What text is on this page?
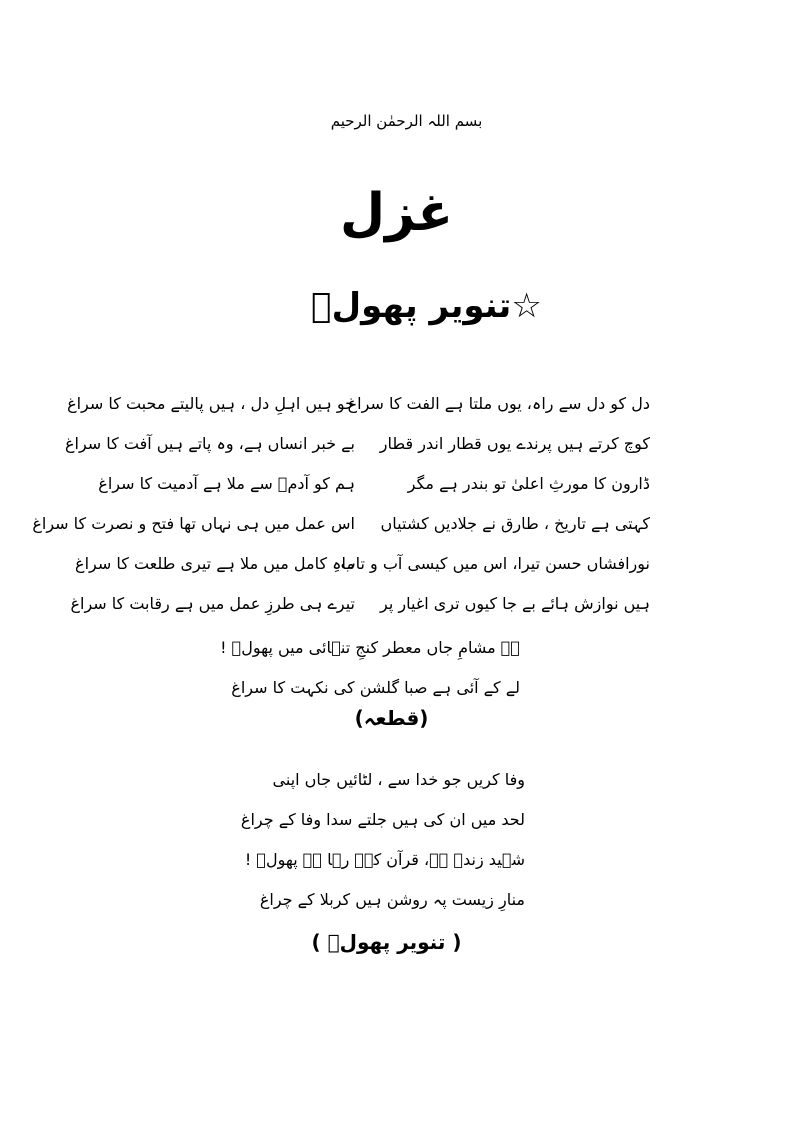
بسم اللہ الرحمٰن الرحیم
غزل
☆تنویر پھولؔ
دل کو دل سے راہ، یوں ملتا ہے الفت کا سراغ
جو ہیں اہلِ دل ، ہیں پالیتے محبت کا سراغ
کوچ کرتے ہیں پرندے یوں قطار اندر قطار
بے خبر انساں ہے، وہ پاتے ہیں آفت کا سراغ
ڈارون کا مورثِ اعلیٰ تو بندر ہے مگر
ہم کو آدمؑ سے ملا ہے آدمیت کا سراغ
کہتی ہے تاریخ ، طارق نے جلادیں کشتیاں
اس عمل میں ہی نہاں تھا فتح و نصرت کا سراغ
نورافشاں حسن تیرا، اس میں کیسی آب و تاب
ماہِ کامل میں ملا ہے تیری طلعت کا سراغ
ہیں نوازش ہائے بے جا کیوں تری اغیار پر
تیرے ہی طرزِ عمل میں ہے رقابت کا سراغ
ہے مشامِ جاں معطر کنجِ تنہائی میں پھولؔ !
لے کے آئی ہے صبا گلشن کی نکہت کا سراغ
(قطعہ)
وفا کریں جو خدا سے ، لٹائیں جاں اپنی
لحد میں ان کی ہیں جلتے سدا وفا کے چراغ
شہید زندہ ہے، قرآن کہہ رہا ہے پھولؔ !
منارِ زیست پہ روشن ہیں کربلا کے چراغ
( تنویر پھولؔ )
